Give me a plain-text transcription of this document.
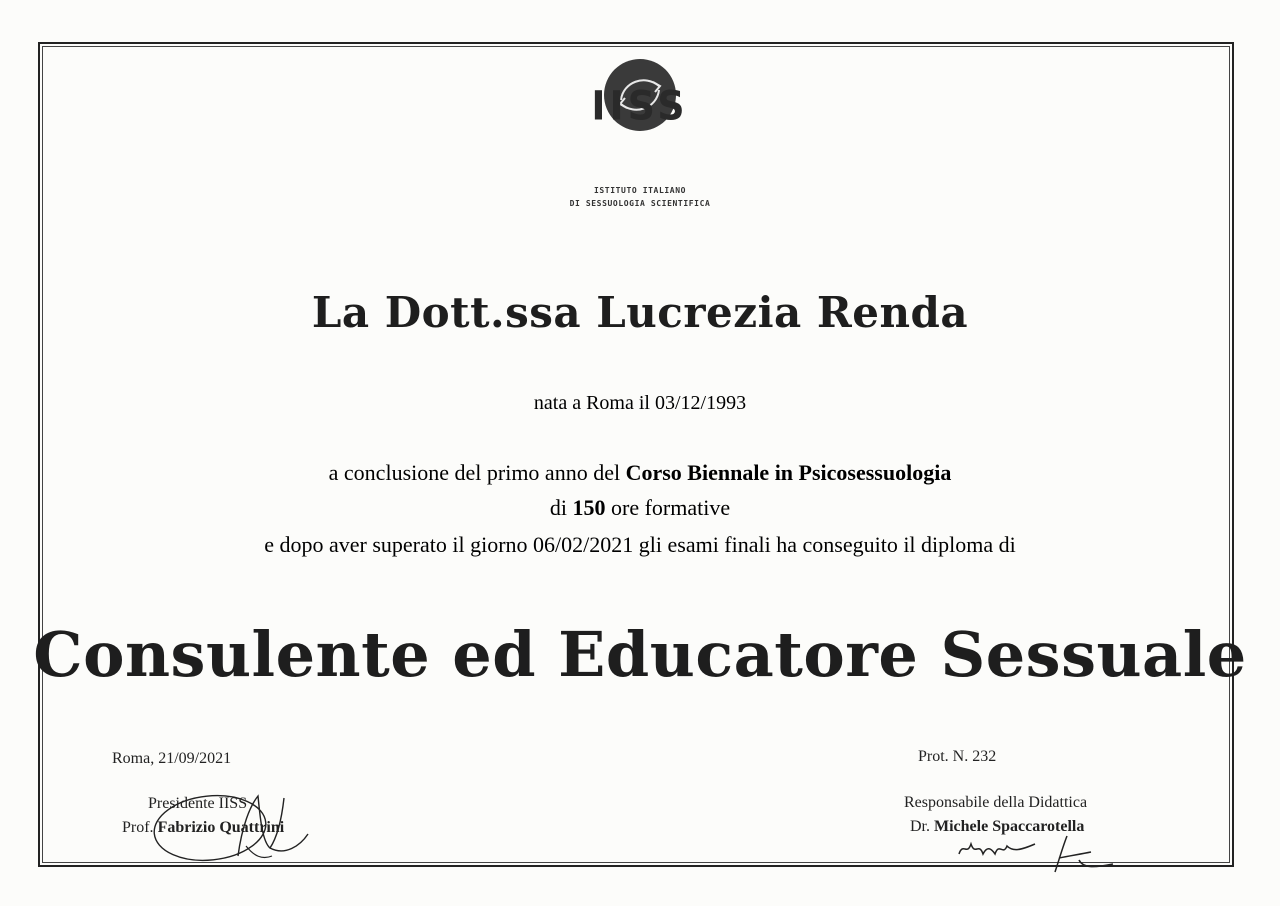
IISS
ISTITUTO ITALIANO
DI SESSUOLOGIA SCIENTIFICA
La Dott.ssa Lucrezia Renda
nata a Roma il 03/12/1993
a conclusione del primo anno del Corso Biennale in Psicosessuologia
di 150 ore formative
e dopo aver superato il giorno 06/02/2021 gli esami finali ha conseguito il diploma di
Consulente ed Educatore Sessuale
Roma, 21/09/2021
Presidente IISS
Prof. Fabrizio Quattrini
Prot. N. 232
Responsabile della Didattica
Dr. Michele Spaccarotella
